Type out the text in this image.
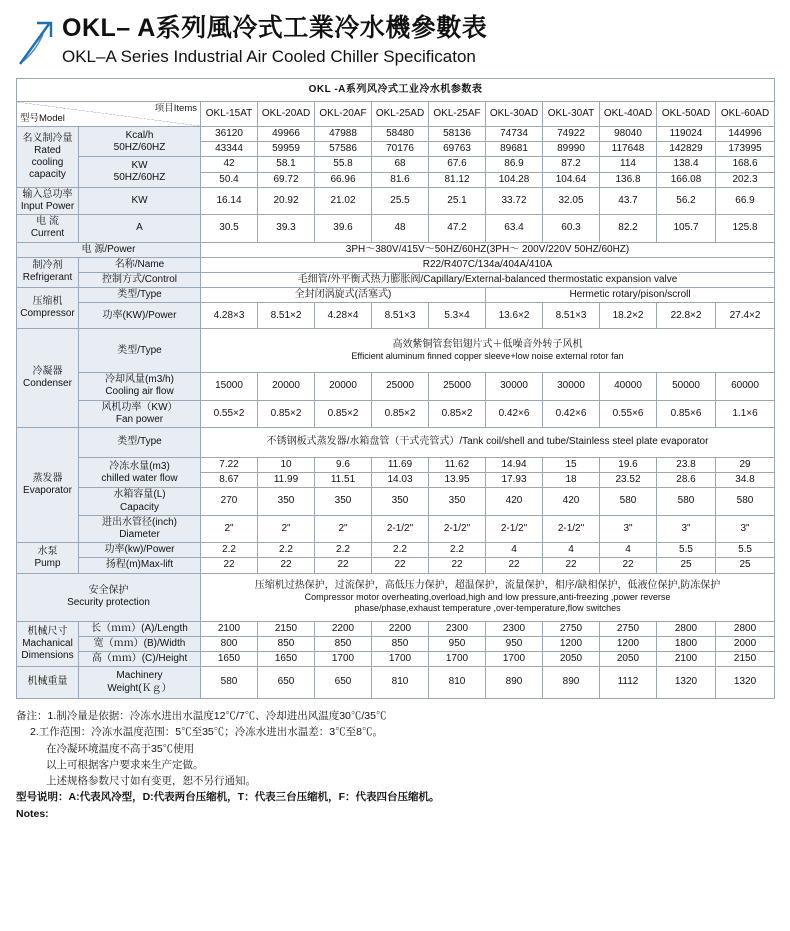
OKL– A系列風冷式工業冷水機參數表
OKL–A Series Industrial Air Cooled Chiller Specificaton
OKL -A系列风冷式工业冷水机参数表											

型号Model
项目Items		OKL-15AT	OKL-20AD	OKL-20AF	OKL-25AD	OKL-25AF	OKL-30AD	OKL-30AT	OKL-40AD	OKL-50AD	OKL-60AD

名义制冷量
Rated cooling capacity

Kcal/h
50HZ/60HZ
	36120	49966	47988	58480	58136	74734	74922	98040	119024	144996
		43344	59959	57586	70176	69763	89681	89990	117648	142829	173995

	KW
50HZ/60HZ	42	58.1	55.8	68	67.6	86.9	87.2	114	138.4	168.6
		50.4	69.72	66.96	81.6	81.12	104.28	104.64	136.8	166.08	202.3

输入总功率
Input Power	KW	16.14	20.92	21.02	25.5	25.1	33.72	32.05	43.7	56.2	66.9

电 流
Current	A	30.5	39.3	39.6	48	47.2	63.4	60.3	82.2	105.7	125.8
电 源/Power		3PH～380V/415V～50HZ/60HZ(3PH～ 200V/220V 50HZ/60HZ)									

制冷剂
Refrigerant	名称/Name	R22/R407C/134a/404A/410A									
	控制方式/Control	毛细管/外平衡式热力膨胀阀/Capillary/External-balanced thermostatic expansion valve									

压缩机
Compressor	类型/Type	全封闭涡旋式(活塞式)					Hermetic rotary/pison/scroll				
	功率(KW)/Power	4.28×3	8.51×2	4.28×4	8.51×3	5.3×4	13.6×2	8.51×3	18.2×2	22.8×2	27.4×2

冷凝器
Condenser
	类型/Type	高效紫铜管套铝翅片式＋低噪音外转子风机
Efficient aluminum finned copper sleeve+low noise external rotor fan

	冷却风量(m3/h)
Cooling air flow	15000	20000	20000	25000	25000	30000	30000	40000	50000	60000

	风机功率（KW）
Fan power	0.55×2	0.85×2	0.85×2	0.85×2	0.85×2	0.42×6	0.42×6	0.55×6	0.85×6	1.1×6

蒸发器
Evaporator	类型/Type	不锈钢板式蒸发器/水箱盘管（干式壳管式）/Tank coil/shell and tube/Stainless steel plate evaporator									

	冷冻水量(m3)
chilled water flow	7.22	10	9.6	11.69	11.62	14.94	15	19.6	23.8	29
		8.67	11.99	11.51	14.03	13.95	17.93	18	23.52	28.6	34.8

	水箱容量(L)
Capacity	270	350	350	350	350	420	420	580	580	580

	进出水管径(inch)
Diameter	2"	2"	2"	2-1/2"	2-1/2"	2-1/2"	2-1/2"	3"	3"	3"

水泵
Pump	功率(kw)/Power	2.2	2.2	2.2	2.2	2.2	4	4	4	5.5	5.5
	扬程(m)Max-lift	22	22	22	22	22	22	22	22	25	25

安全保护
Security protection

压缩机过热保护，过流保护，高低压力保护，超温保护，流量保护，相序/缺相保护，低液位保护,防冻保护
Compressor motor overheating,overload,high and low pressure,anti-freezing ,power reverse
phase/phase,exhaust temperature ,over-temperature,flow switches

机械尺寸
Machanical Dimensions	长（ｍｍ）(A)/Length	2100	2150	2200	2200	2300	2300	2750	2750	2800	2800
	宽（ｍｍ）(B)/Width	800	850	850	850	950	950	1200	1200	1800	2000
	高（ｍｍ）(C)/Height	1650	1650	1700	1700	1700	1700	2050	2050	2100	2150
机械重量	Machinery
Weight(Ｋｇ）	580	650	650	810	810	890	890	1112	1320	1320
备注：1.制冷量是依据：冷冻水进出水温度12℃/7℃、冷却进出风温度30℃/35℃
2.工作范围：冷冻水温度范围：5℃至35℃；冷冻水进出水温差：3℃至8℃。
在冷凝环境温度不高于35℃使用
以上可根据客户要求来生产定做。
上述规格参数尺寸如有变更，恕不另行通知。
型号说明：A:代表风冷型，D:代表两台压缩机，T：代表三台压缩机，F：代表四台压缩机。
Notes:
